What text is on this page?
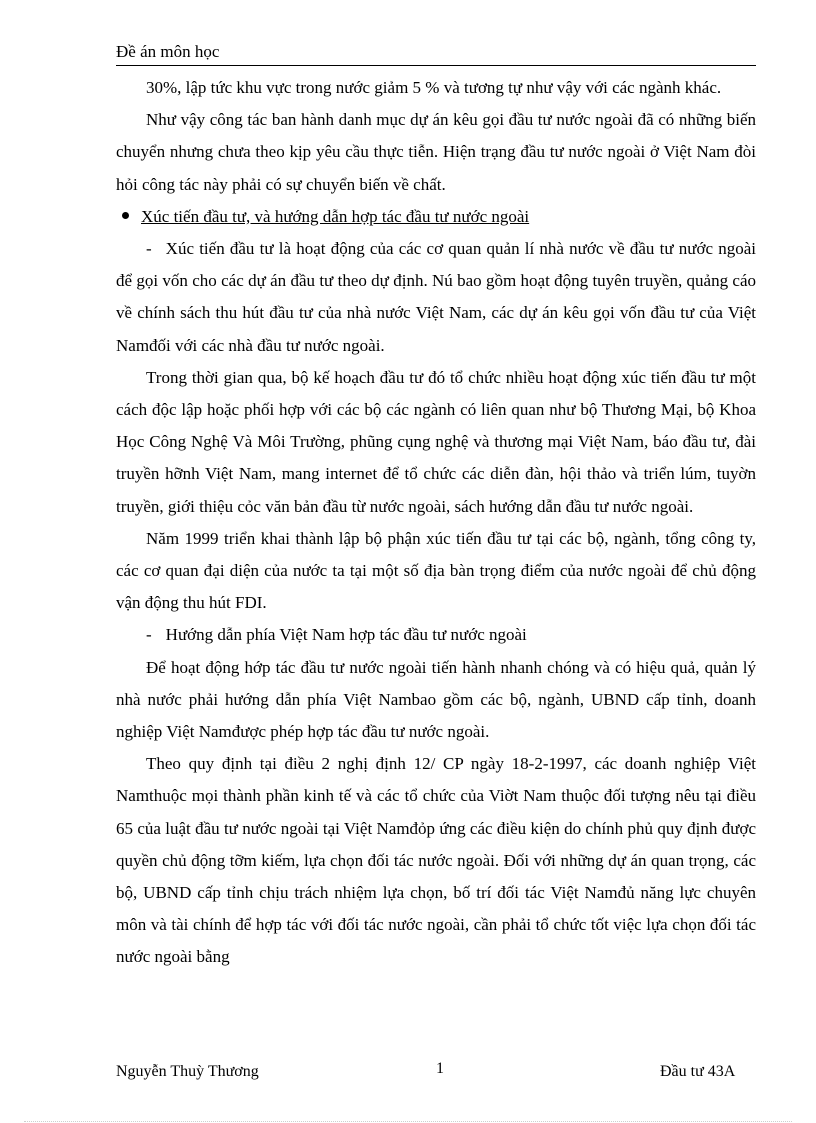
Đề án môn học

30%, lập tức khu vực trong nước giảm 5 % và tương tự như vậy với các ngành khác.

Như vậy công tác ban hành danh mục dự án kêu gọi đầu tư nước ngoài đã có những biến chuyển nhưng chưa theo kịp yêu cầu thực tiễn. Hiện trạng đầu tư nước ngoài ở Việt Nam đòi hỏi công tác này phải có sự chuyển biến về chất.

Xúc tiến đầu tư, và hướng dẫn hợp tác đầu tư nước ngoài

- Xúc tiến đầu tư là hoạt động của các cơ quan quản lí nhà nước về đầu tư nước ngoài để gọi vốn cho các dự án đầu tư theo dự định. Nú bao gồm hoạt động tuyên truyền, quảng cáo về chính sách thu hút đầu tư của nhà nước Việt Nam, các dự án kêu gọi vốn đầu tư của Việt Namđối với các nhà đầu tư nước ngoài.

Trong thời gian qua, bộ kế hoạch đầu tư đó tổ chức nhiều hoạt động xúc tiến đầu tư một cách độc lập hoặc phối hợp với các bộ các ngành có liên quan như bộ Thương Mại, bộ Khoa Học Công Nghệ Và Môi Trường, phũng cụng nghệ và thương mại Việt Nam, báo đầu tư, đài truyền hỡnh Việt Nam, mang internet để tổ chức các diễn đàn, hội thảo và triển lúm, tuyờn truyền, giới thiệu cỏc văn bản đầu từ nước ngoài, sách hướng dẫn đầu tư nước ngoài.

Năm 1999 triển khai thành lập bộ phận xúc tiến đầu tư tại các bộ, ngành, tổng công ty, các cơ quan đại diện của nước ta tại một số địa bàn trọng điểm của nước ngoài để chủ động vận động thu hút FDI.

- Hướng dẫn phía Việt Nam hợp tác đầu tư nước ngoài

Để hoạt động hớp tác đầu tư nước ngoài tiến hành nhanh chóng và có hiệu quả, quản lý nhà nước phải hướng dẫn phía Việt Nambao gồm các bộ, ngành, UBND cấp tỉnh, doanh nghiệp Việt Namđược phép hợp tác đầu tư nước ngoài.

Theo quy định tại điều 2 nghị định 12/ CP ngày 18-2-1997, các doanh nghiệp Việt Namthuộc mọi thành phần kinh tế và các tổ chức của Viờt Nam thuộc đối tượng nêu tại điều 65 của luật đầu tư nước ngoài tại Việt Namđỏp ứng các điều kiện do chính phủ quy định được quyền chủ động tỡm kiếm, lựa chọn đối tác nước ngoài. Đối với những dự án quan trọng, các bộ, UBND cấp tỉnh chịu trách nhiệm lựa chọn, bố trí đối tác Việt Namđủ năng lực chuyên môn và tài chính để hợp tác với đối tác nước ngoài, cần phải tổ chức tốt việc lựa chọn đối tác nước ngoài bằng

Nguyễn Thuỳ Thương	1	Đầu tư 43A
